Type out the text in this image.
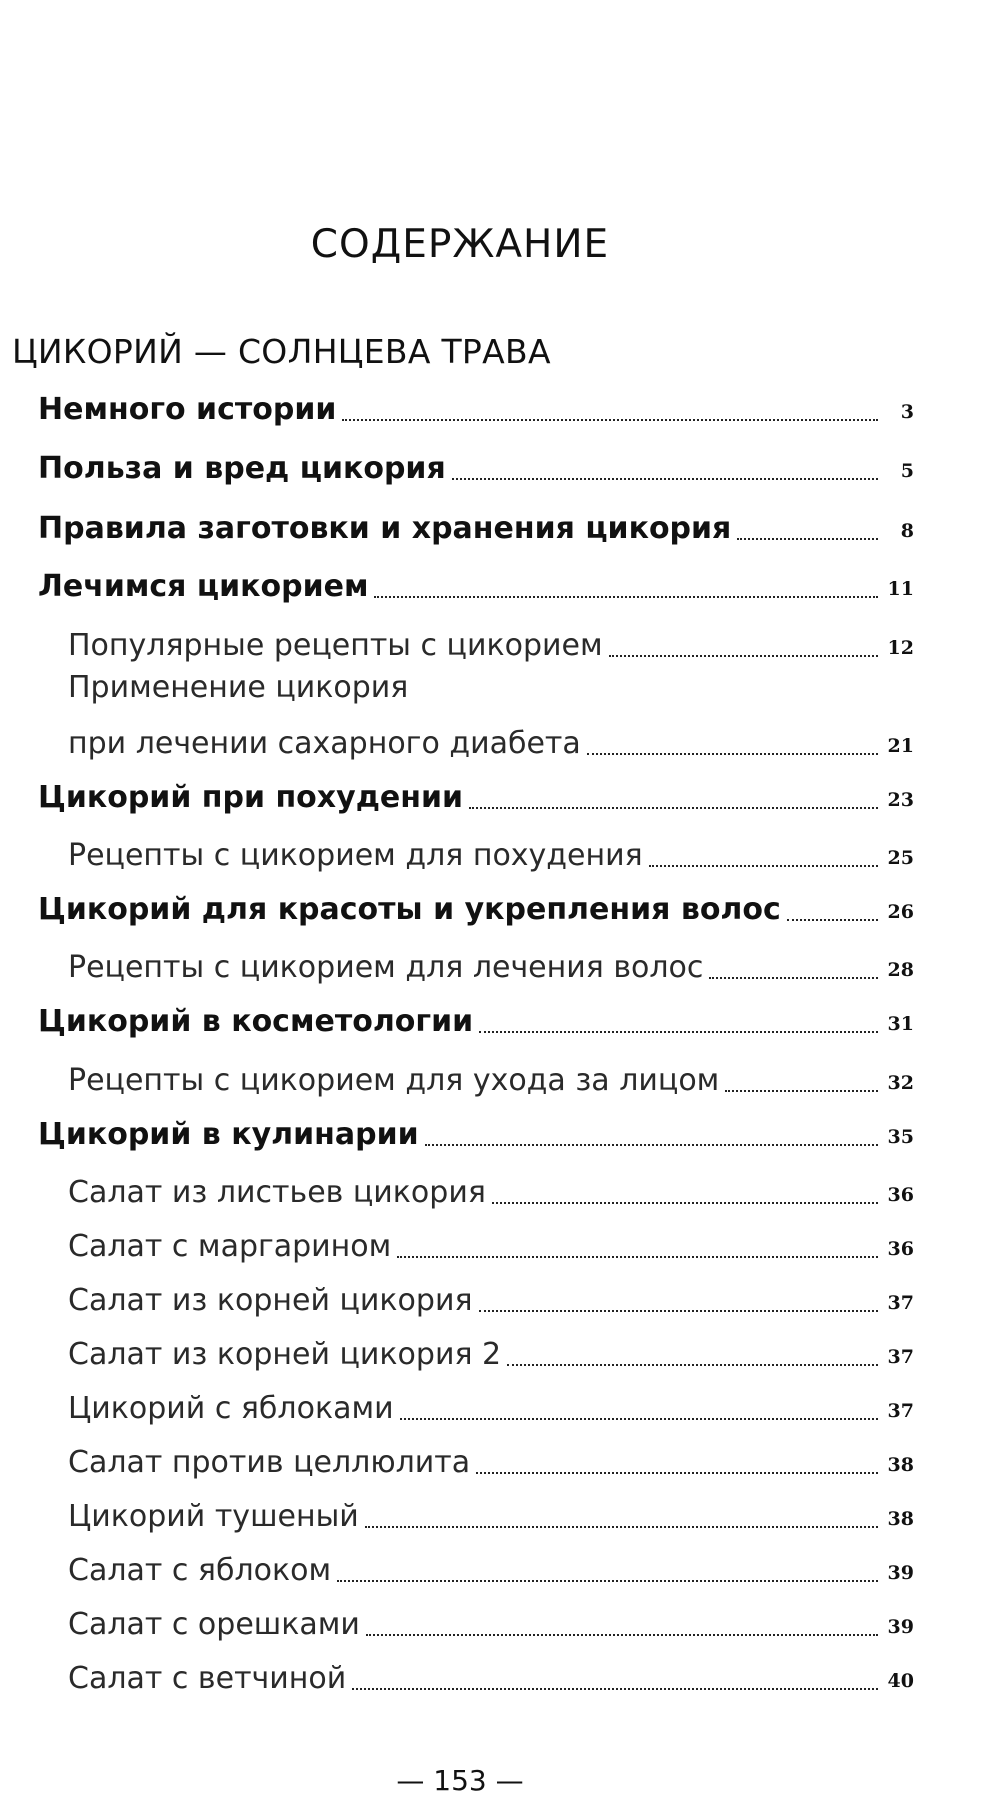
СОДЕРЖАНИЕ
ЦИКОРИЙ — СОЛНЦЕВА ТРАВА
Немного истории	3
Польза и вред цикория	5
Правила заготовки и хранения цикория	8
Лечимся цикорием	11
Популярные рецепты с цикорием	12
Применение цикория
при лечении сахарного диабета	21
Цикорий при похудении	23
Рецепты с цикорием для похудения	25
Цикорий для красоты и укрепления волос	26
Рецепты с цикорием для лечения волос	28
Цикорий в косметологии	31
Рецепты с цикорием для ухода за лицом	32
Цикорий в кулинарии	35
Салат из листьев цикория	36
Салат с маргарином	36
Салат из корней цикория	37
Салат из корней цикория 2	37
Цикорий с яблоками	37
Салат против целлюлита	38
Цикорий тушеный	38
Салат с яблоком	39
Салат с орешками	39
Салат с ветчиной	40
— 153 —
